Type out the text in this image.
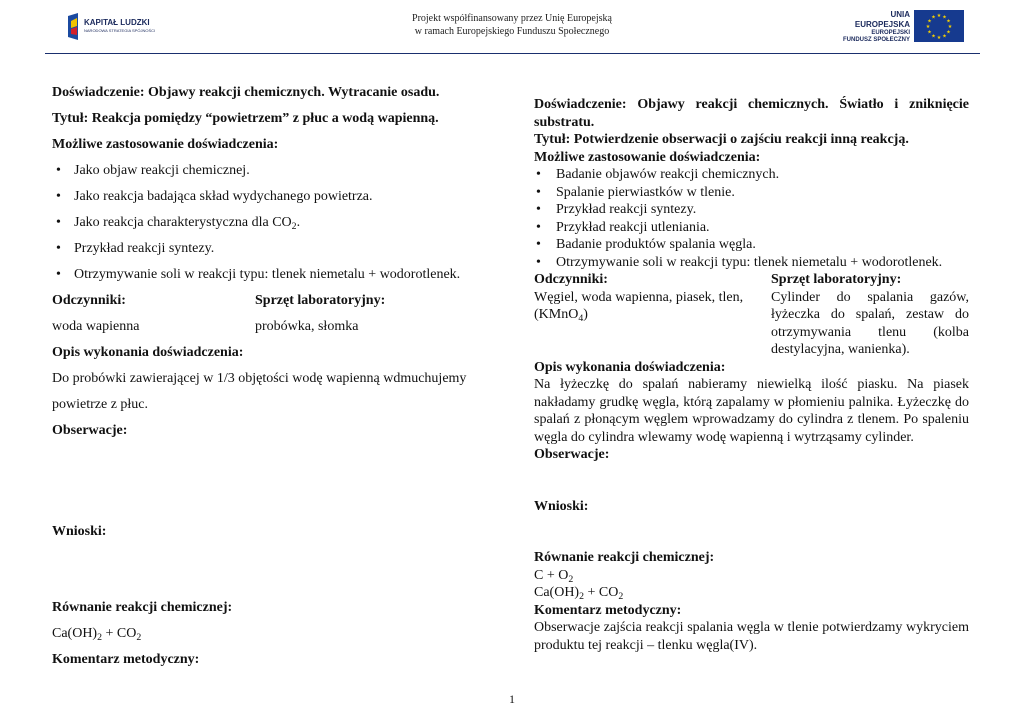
KAPITAŁ LUDZKI
NARODOWA STRATEGIA SPÓJNOŚCI
Projekt współfinansowany przez Unię Europejską
w ramach Europejskiego Funduszu Społecznego
UNIA EUROPEJSKA
EUROPEJSKI
FUNDUSZ SPOŁECZNY
★ ★
★
★
★
★
★
★
★
★
★
★
Doświadczenie: Objawy reakcji chemicznych. Wytracanie osadu.
Tytuł: Reakcja pomiędzy “powietrzem” z płuc a wodą wapienną.
Możliwe zastosowanie doświadczenia:
• Jako objaw reakcji chemicznej.
• Jako reakcja badająca skład wydychanego powietrza.
• Jako reakcja charakterystyczna dla $CO_2$.
• Przykład reakcji syntezy.
• Otrzymywanie soli w reakcji typu: tlenek niemetalu + wodorotlenek.
Odczynniki:	Sprzęt laboratoryjny:
woda wapienna	probówka, słomka
Opis wykonania doświadczenia:
Do probówki zawierającej w 1/3 objętości wodę wapienną wdmuchujemy
powietrze z płuc.
Obserwacje:
Wnioski:
Równanie reakcji chemicznej:
$Ca(OH)_2 + CO_2$
Komentarz metodyczny:
Doświadczenie: Objawy reakcji chemicznych. Światło i zniknięcie substratu.
Tytuł: Potwierdzenie obserwacji o zajściu reakcji inną reakcją.
Możliwe zastosowanie doświadczenia:
• Badanie objawów reakcji chemicznych.
• Spalanie pierwiastków w tlenie.
• Przykład reakcji syntezy.
• Przykład reakcji utleniania.
• Badanie produktów spalania węgla.
• Otrzymywanie soli w reakcji typu: tlenek niemetalu + wodorotlenek.
Odczynniki:
Węgiel, woda wapienna, piasek, tlen, (KMnO$_4$)
Sprzęt laboratoryjny:
Cylinder do spalania gazów, łyżeczka do spalań, zestaw do otrzymywania tlenu (kolba destylacyjna, wanienka).
Opis wykonania doświadczenia:
Na łyżeczkę do spalań nabieramy niewielką ilość piasku. Na piasek nakładamy grudkę węgla, którą zapalamy w płomieniu palnika. Łyżeczkę do spalań z płonącym węglem wprowadzamy do cylindra z tlenem. Po spaleniu węgla do cylindra wlewamy wodę wapienną i wytrząsamy cylinder.
Obserwacje:
Wnioski:
Równanie reakcji chemicznej:
$C + O_2$
$Ca(OH)_2 + CO_2$
Komentarz metodyczny:
Obserwacje zajścia reakcji spalania węgla w tlenie potwierdzamy wykryciem produktu tej reakcji – tlenku węgla(IV).
1
